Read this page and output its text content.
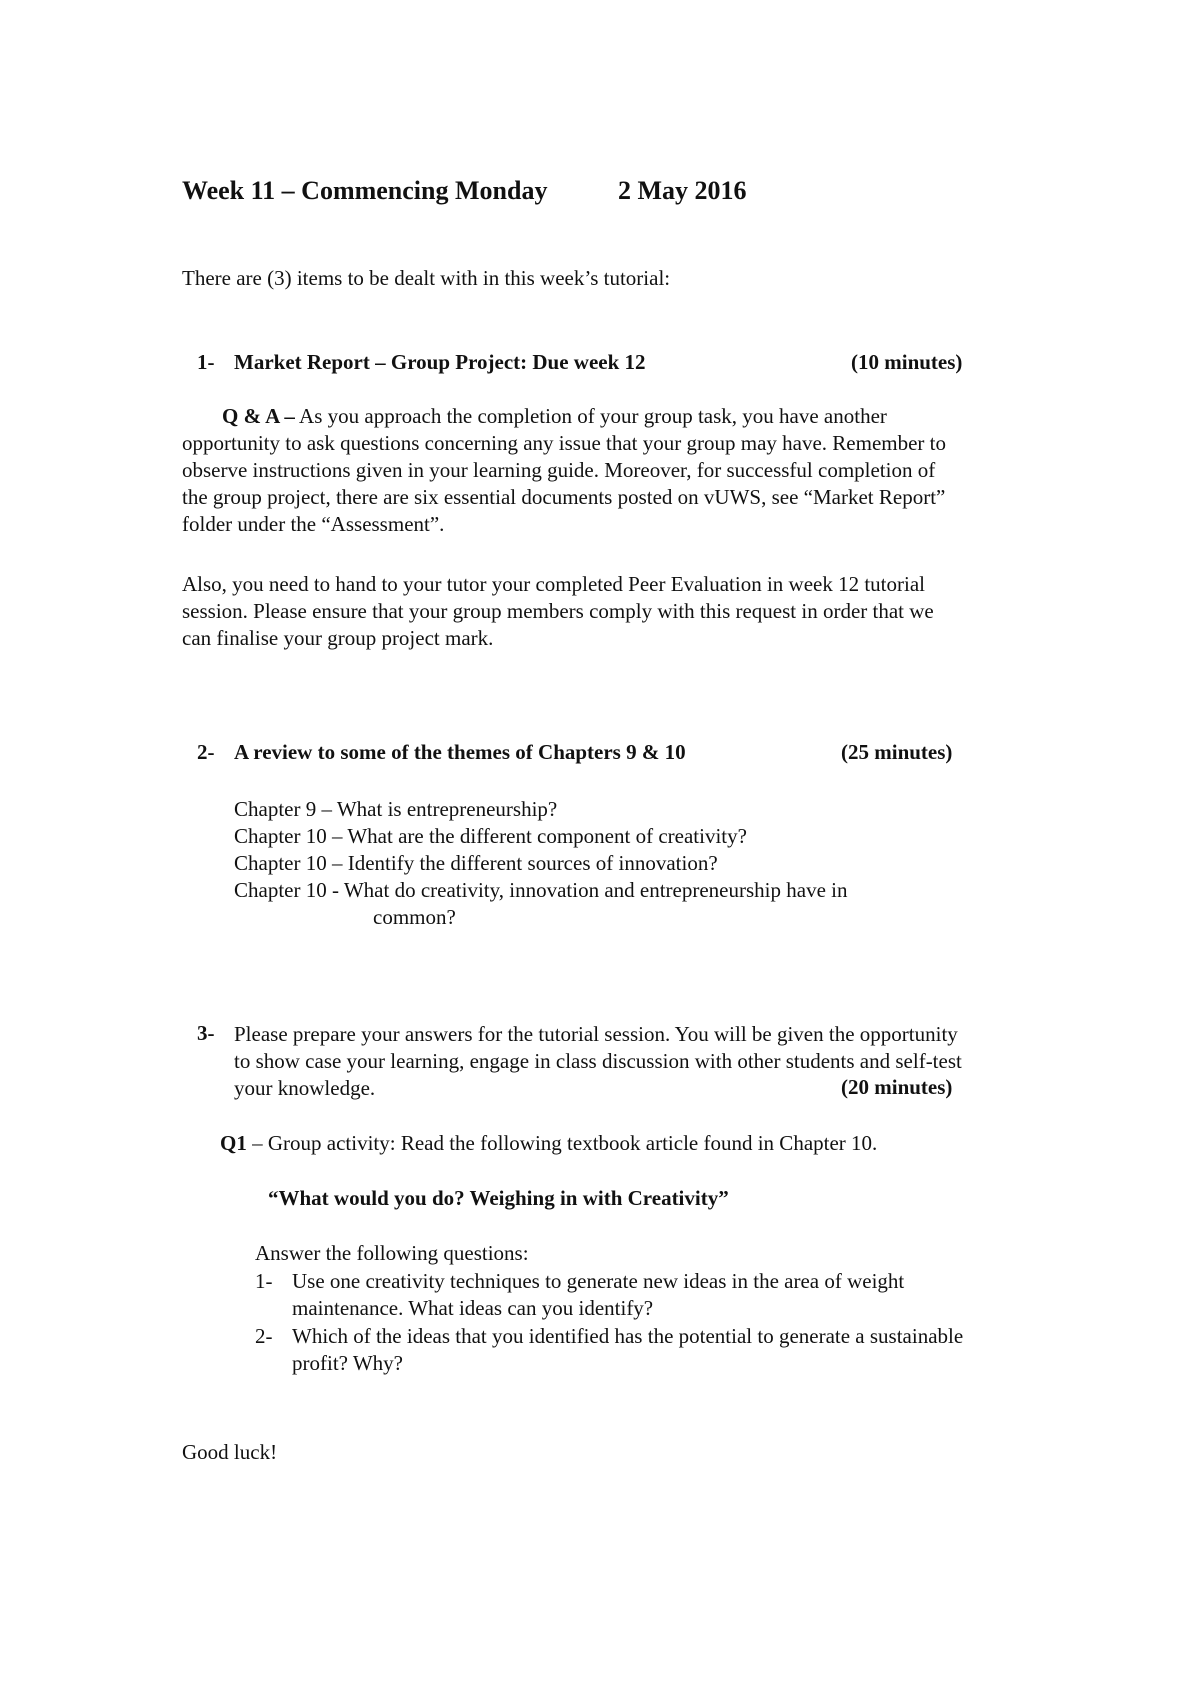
Week 11 – Commencing Monday	2 May 2016
There are (3) items to be dealt with in this week’s tutorial:
1- Market Report – Group Project: Due week 12	(10 minutes)
Q & A – As you approach the completion of your group task, you have another
opportunity to ask questions concerning any issue that your group may have. Remember to
observe instructions given in your learning guide. Moreover, for successful completion of
the group project, there are six essential documents posted on vUWS, see “Market Report”
folder under the “Assessment”.
Also, you need to hand to your tutor your completed Peer Evaluation in week 12 tutorial
session. Please ensure that your group members comply with this request in order that we
can finalise your group project mark.
2- A review to some of the themes of Chapters 9 & 10	(25 minutes)
Chapter 9 – What is entrepreneurship?
Chapter 10 – What are the different component of creativity?
Chapter 10 – Identify the different sources of innovation?
Chapter 10 - What do creativity, innovation and entrepreneurship have in
common?
3- Please prepare your answers for the tutorial session. You will be given the opportunity
to show case your learning, engage in class discussion with other students and self-test
your knowledge.	(20 minutes)
Q1 – Group activity: Read the following textbook article found in Chapter 10.
“What would you do? Weighing in with Creativity”
Answer the following questions:
1- Use one creativity techniques to generate new ideas in the area of weight
maintenance. What ideas can you identify?
2- Which of the ideas that you identified has the potential to generate a sustainable
profit? Why?
Good luck!
